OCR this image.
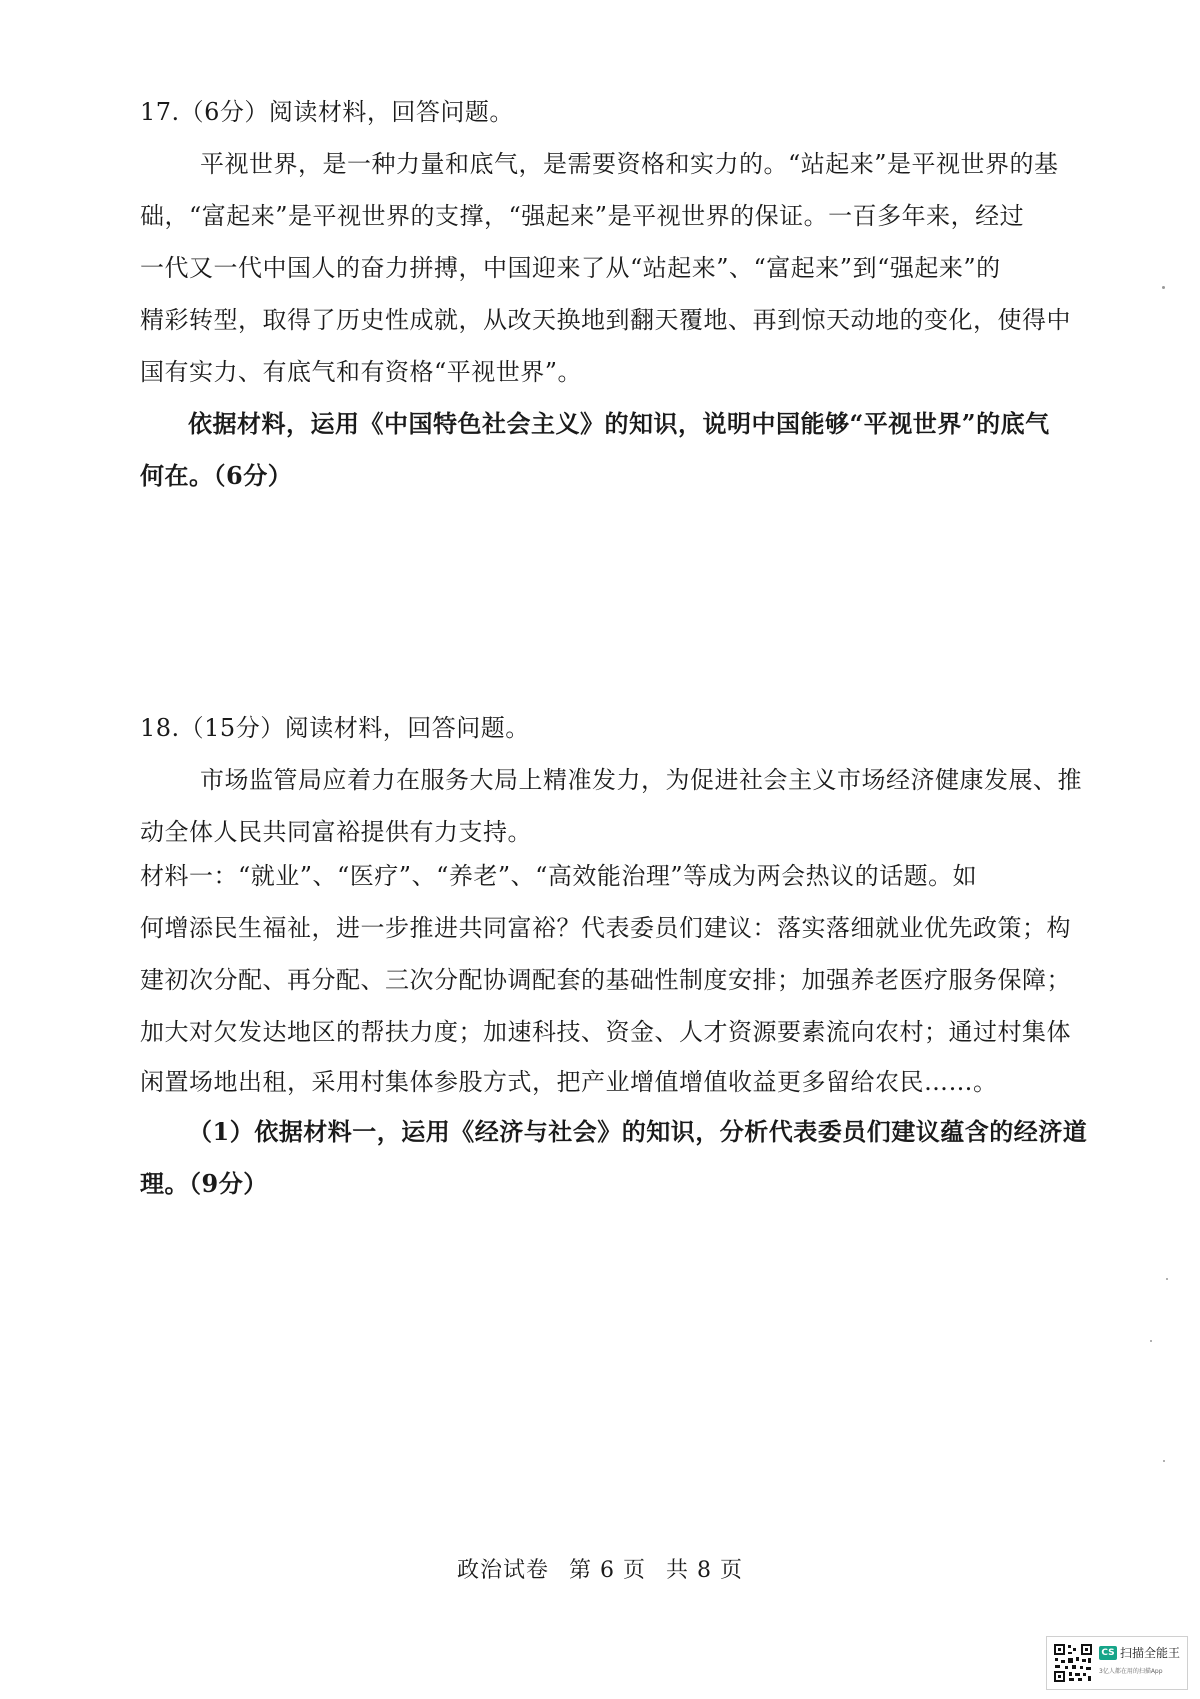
17.（6分）阅读材料，回答问题。
平视世界，是一种力量和底气，是需要资格和实力的。“站起来”是平视世界的基
础，“富起来”是平视世界的支撑，“强起来”是平视世界的保证。一百多年来，经过
一代又一代中国人的奋力拼搏，中国迎来了从“站起来”、“富起来”到“强起来”的
精彩转型，取得了历史性成就，从改天换地到翻天覆地、再到惊天动地的变化，使得中
国有实力、有底气和有资格“平视世界”。
依据材料，运用《中国特色社会主义》的知识，说明中国能够“平视世界”的底气
何在。（6分）
18.（15分）阅读材料，回答问题。
市场监管局应着力在服务大局上精准发力，为促进社会主义市场经济健康发展、推
动全体人民共同富裕提供有力支持。
材料一：“就业”、“医疗”、“养老”、“高效能治理”等成为两会热议的话题。如
何增添民生福祉，进一步推进共同富裕？代表委员们建议：落实落细就业优先政策；构
建初次分配、再分配、三次分配协调配套的基础性制度安排；加强养老医疗服务保障；
加大对欠发达地区的帮扶力度；加速科技、资金、人才资源要素流向农村；通过村集体
闲置场地出租，采用村集体参股方式，把产业增值增值收益更多留给农民……。
（1）依据材料一，运用《经济与社会》的知识，分析代表委员们建议蕴含的经济道
理。（9分）
政治试卷 第 6 页 共 8 页
CS 扫描全能王
3亿人都在用的扫描App
